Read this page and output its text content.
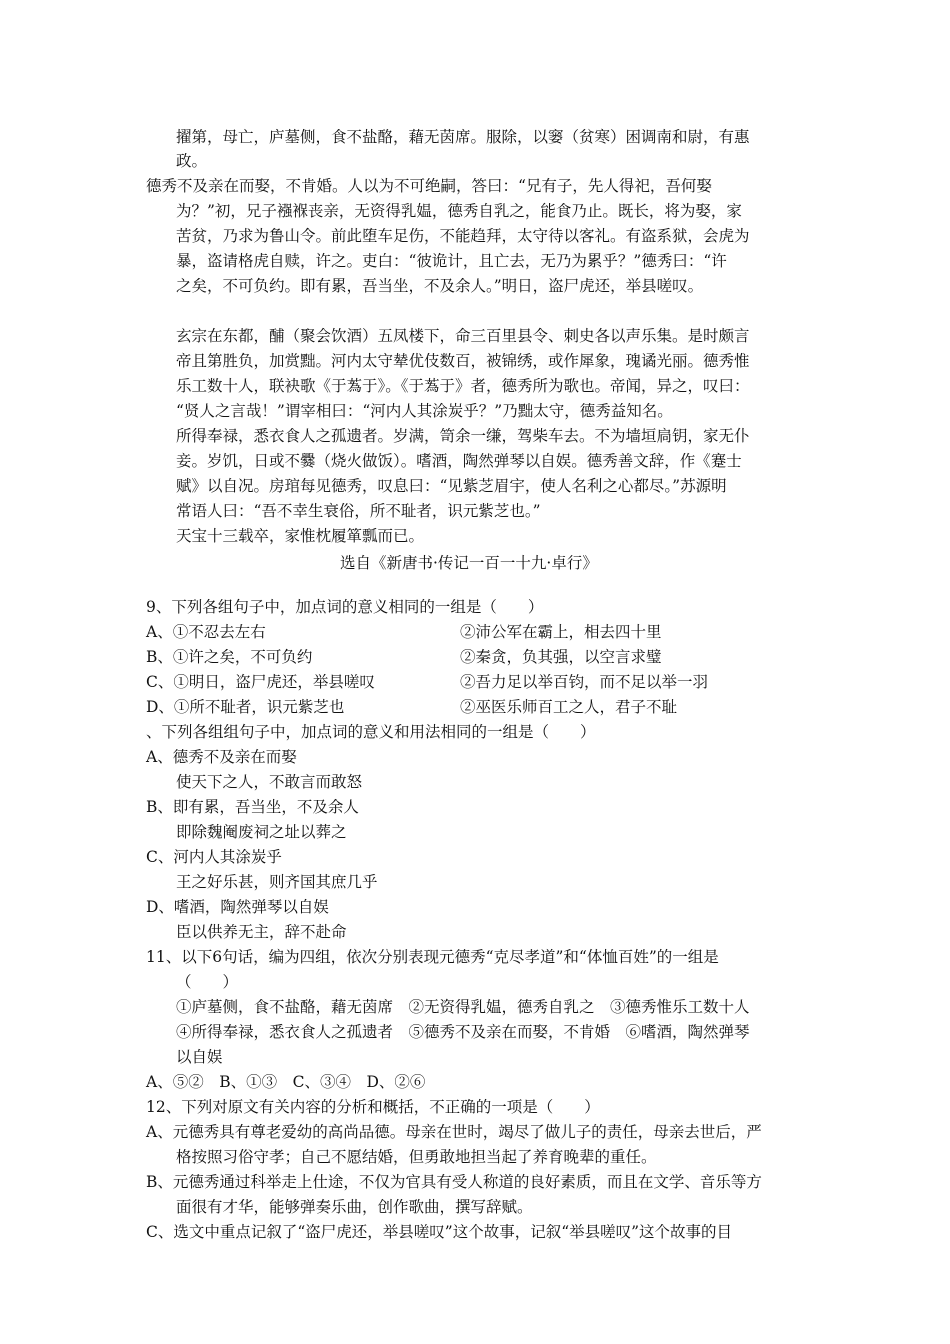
擢第，母亡，庐墓侧，食不盐酪，藉无茵席。服除，以窭（贫寒）困调南和尉，有惠
政。
德秀不及亲在而娶，不肯婚。人以为不可绝嗣，答曰：“兄有子，先人得祀，吾何娶
为？”初，兄子襁褓丧亲，无资得乳媪，德秀自乳之，能食乃止。既长，将为娶，家
苦贫，乃求为鲁山令。前此堕车足伤，不能趋拜，太守待以客礼。有盗系狱，会虎为
暴，盗请格虎自赎，许之。吏白：“彼诡计，且亡去，无乃为累乎？”德秀曰：“许
之矣，不可负约。即有累，吾当坐，不及余人。”明日，盗尸虎还，举县嗟叹。
玄宗在东都，酺（聚会饮酒）五凤楼下，命三百里县令、刺史各以声乐集。是时颇言
帝且第胜负，加赏黜。河内太守辇优伎数百，被锦绣，或作犀象，瑰谲光丽。德秀惟
乐工数十人，联袂歌《于蒍于》。《于蒍于》者，德秀所为歌也。帝闻，异之，叹曰：
“贤人之言哉！”谓宰相曰：“河内人其涂炭乎？”乃黜太守，德秀益知名。
所得奉禄，悉衣食人之孤遗者。岁满，笥余一缣，驾柴车去。不为墙垣扃钥，家无仆
妾。岁饥，日或不爨（烧火做饭）。嗜酒，陶然弹琴以自娱。德秀善文辞，作《蹇士
赋》以自况。房琯每见德秀，叹息曰：“见紫芝眉宇，使人名利之心都尽。”苏源明
常语人曰：“吾不幸生衰俗，所不耻者，识元紫芝也。”
天宝十三载卒，家惟枕履箪瓢而已。
选自《新唐书·传记一百一十九·卓行》
9、下列各组句子中，加点词的意义相同的一组是（　　）
A、①不忍去左右	②沛公军在霸上，相去四十里
B、①许之矣，不可负约	②秦贪，负其强，以空言求璧
C、①明日，盗尸虎还，举县嗟叹	②吾力足以举百钧，而不足以举一羽
D、①所不耻者，识元紫芝也	②巫医乐师百工之人，君子不耻
、下列各组组句子中，加点词的意义和用法相同的一组是（　　）
A、德秀不及亲在而娶
使天下之人，不敢言而敢怒
B、即有累，吾当坐，不及余人
即除魏阉废祠之址以葬之
C、河内人其涂炭乎
王之好乐甚，则齐国其庶几乎
D、嗜酒，陶然弹琴以自娱
臣以供养无主，辞不赴命
11、以下6句话，编为四组，依次分别表现元德秀“克尽孝道”和“体恤百姓”的一组是
（　　）
①庐墓侧，食不盐酪，藉无茵席　②无资得乳媪，德秀自乳之　③德秀惟乐工数十人
④所得奉禄，悉衣食人之孤遗者　⑤德秀不及亲在而娶，不肯婚　⑥嗜酒，陶然弹琴
以自娱
A、⑤②　B、①③　C、③④　D、②⑥
12、下列对原文有关内容的分析和概括，不正确的一项是（　　）
A、元德秀具有尊老爱幼的高尚品德。母亲在世时，竭尽了做儿子的责任，母亲去世后，严
格按照习俗守孝；自己不愿结婚，但勇敢地担当起了养育晚辈的重任。
B、元德秀通过科举走上仕途，不仅为官具有受人称道的良好素质，而且在文学、音乐等方
面很有才华，能够弹奏乐曲，创作歌曲，撰写辞赋。
C、选文中重点记叙了“盗尸虎还，举县嗟叹”这个故事，记叙“举县嗟叹”这个故事的目
